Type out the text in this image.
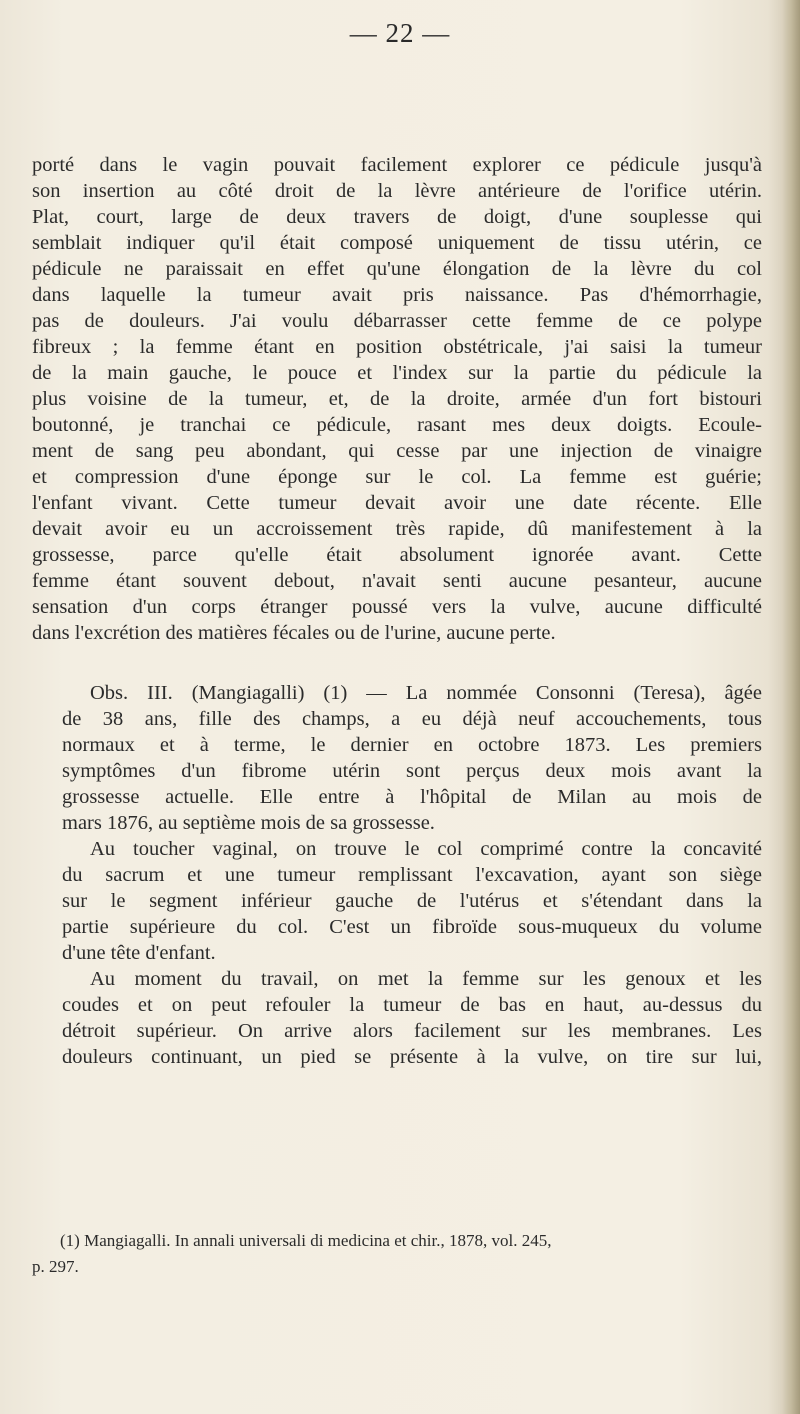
— 22 —
porté dans le vagin pouvait facilement explorer ce pédicule jusqu'à
son insertion au côté droit de la lèvre antérieure de l'orifice utérin.
Plat, court, large de deux travers de doigt, d'une souplesse qui
semblait indiquer qu'il était composé uniquement de tissu utérin, ce
pédicule ne paraissait en effet qu'une élongation de la lèvre du col
dans laquelle la tumeur avait pris naissance. Pas d'hémorrhagie,
pas de douleurs. J'ai voulu débarrasser cette femme de ce polype
fibreux ; la femme étant en position obstétricale, j'ai saisi la tumeur
de la main gauche, le pouce et l'index sur la partie du pédicule la
plus voisine de la tumeur, et, de la droite, armée d'un fort bistouri
boutonné, je tranchai ce pédicule, rasant mes deux doigts. Ecoule-
ment de sang peu abondant, qui cesse par une injection de vinaigre
et compression d'une éponge sur le col. La femme est guérie;
l'enfant vivant. Cette tumeur devait avoir une date récente. Elle
devait avoir eu un accroissement très rapide, dû manifestement à la
grossesse, parce qu'elle était absolument ignorée avant. Cette
femme étant souvent debout, n'avait senti aucune pesanteur, aucune
sensation d'un corps étranger poussé vers la vulve, aucune difficulté
dans l'excrétion des matières fécales ou de l'urine, aucune perte.
Obs. III. (Mangiagalli) (1) — La nommée Consonni (Teresa), âgée
de 38 ans, fille des champs, a eu déjà neuf accouchements, tous
normaux et à terme, le dernier en octobre 1873. Les premiers
symptômes d'un fibrome utérin sont perçus deux mois avant la
grossesse actuelle. Elle entre à l'hôpital de Milan au mois de
mars 1876, au septième mois de sa grossesse.
Au toucher vaginal, on trouve le col comprimé contre la concavité
du sacrum et une tumeur remplissant l'excavation, ayant son siège
sur le segment inférieur gauche de l'utérus et s'étendant dans la
partie supérieure du col. C'est un fibroïde sous-muqueux du volume
d'une tête d'enfant.
Au moment du travail, on met la femme sur les genoux et les
coudes et on peut refouler la tumeur de bas en haut, au-dessus du
détroit supérieur. On arrive alors facilement sur les membranes. Les
douleurs continuant, un pied se présente à la vulve, on tire sur lui,
(1) Mangiagalli. In annali universali di medicina et chir., 1878, vol. 245,
p. 297.
